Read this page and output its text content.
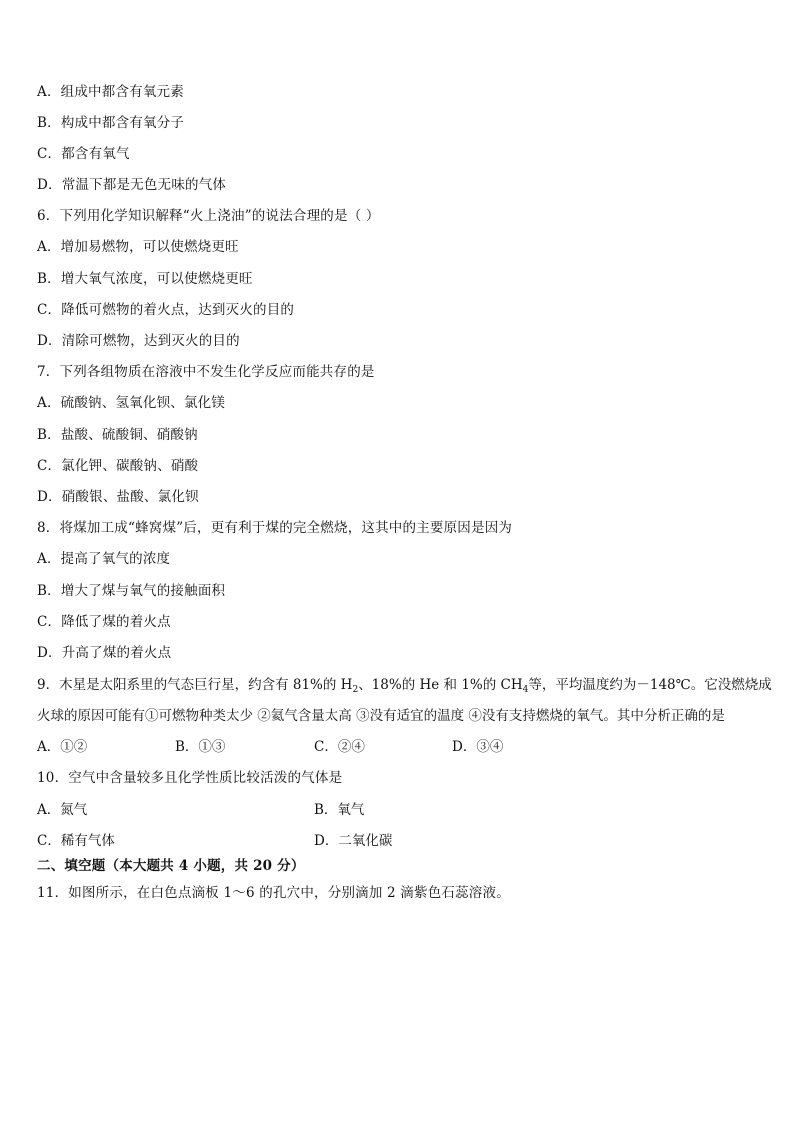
A．组成中都含有氧元素
B．构成中都含有氧分子
C．都含有氧气
D．常温下都是无色无味的气体
6．下列用化学知识解释“火上浇油”的说法合理的是（ ）
A．增加易燃物，可以使燃烧更旺
B．增大氧气浓度，可以使燃烧更旺
C．降低可燃物的着火点，达到灭火的目的
D．清除可燃物，达到灭火的目的
7．下列各组物质在溶液中不发生化学反应而能共存的是
A．硫酸钠、氢氧化钡、氯化镁
B．盐酸、硫酸铜、硝酸钠
C．氯化钾、碳酸钠、硝酸
D．硝酸银、盐酸、氯化钡
8．将煤加工成“蜂窝煤”后，更有利于煤的完全燃烧，这其中的主要原因是因为
A．提高了氧气的浓度
B．增大了煤与氧气的接触面积
C．降低了煤的着火点
D．升高了煤的着火点
9．木星是太阳系里的气态巨行星，约含有 81%的 $H_2$、18%的 He 和 1%的 $CH_4$等，平均温度约为－148℃。它没燃烧成
火球的原因可能有①可燃物种类太少 ②氦气含量太高 ③没有适宜的温度 ④没有支持燃烧的氧气。其中分析正确的是
A．①②	B．①③	C．②④	D．③④
10．空气中含量较多且化学性质比较活泼的气体是
A．氮气	B．氧气
C．稀有气体	D．二氧化碳
二、填空题（本大题共 4 小题，共 20 分）
11．如图所示，在白色点滴板 1～6 的孔穴中，分别滴加 2 滴紫色石蕊溶液。
